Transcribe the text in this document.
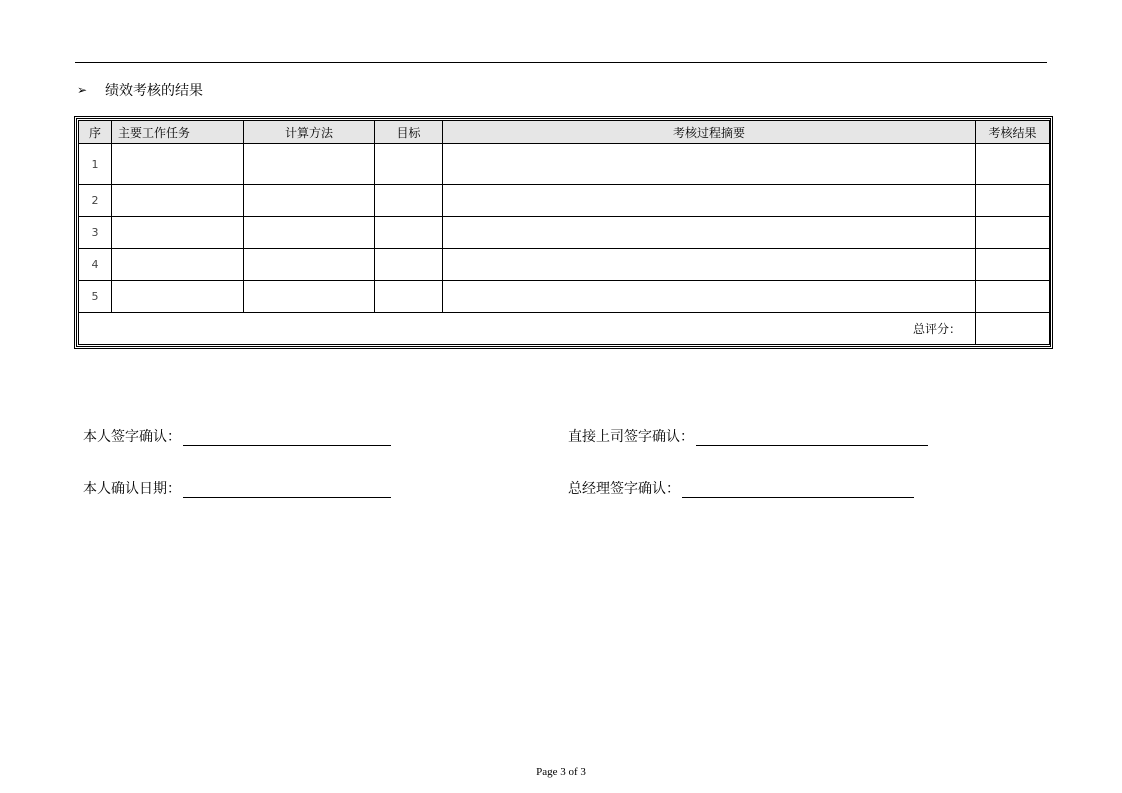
➢	绩效考核的结果
序	主要工作任务	计算方法	目标	考核过程摘要	考核结果
1					
2					
3					
4					
5					
总评分：					
本人签字确认：	直接上司签字确认：
本人确认日期：	总经理签字确认：
Page 3 of 3
